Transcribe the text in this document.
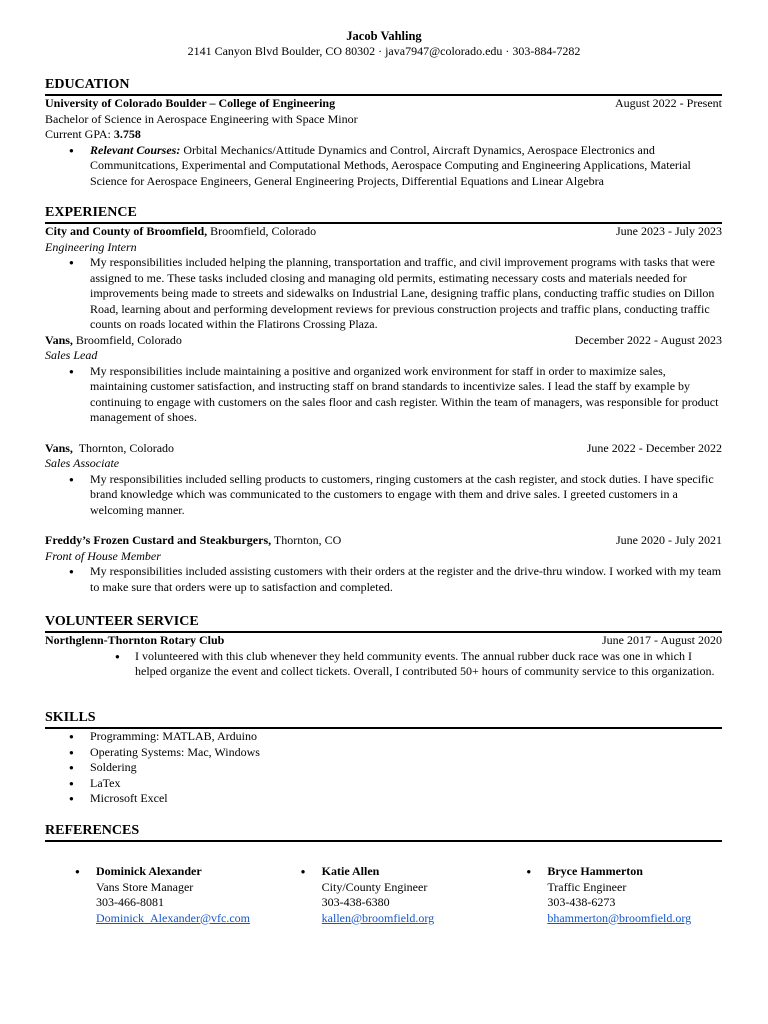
Jacob Vahling
2141 Canyon Blvd Boulder, CO 80302 · java7947@colorado.edu · 303-884-7282
EDUCATION
University of Colorado Boulder – College of Engineering	August 2022 - Present
Bachelor of Science in Aerospace Engineering with Space Minor
Current GPA: 3.758
● Relevant Courses: Orbital Mechanics/Attitude Dynamics and Control, Aircraft Dynamics, Aerospace Electronics and Communitcations, Experimental and Computational Methods, Aerospace Computing and Engineering Applications, Material Science for Aerospace Engineers, General Engineering Projects, Differential Equations and Linear Algebra
EXPERIENCE
City and County of Broomfield, Broomfield, Colorado	June 2023 - July 2023
Engineering Intern
● My responsibilities included helping the planning, transportation and traffic, and civil improvement programs with tasks that were assigned to me. These tasks included closing and managing old permits, estimating necessary costs and materials needed for improvements being made to streets and sidewalks on Industrial Lane, designing traffic plans, conducting traffic studies on Dillon Road, learning about and performing development reviews for previous construction projects and traffic plans, conducting traffic counts on roads located within the Flatirons Crossing Plaza.
Vans, Broomfield, Colorado	December 2022 - August 2023
Sales Lead
● My responsibilities include maintaining a positive and organized work environment for staff in order to maximize sales, maintaining customer satisfaction, and instructing staff on brand standards to incentivize sales. I lead the staff by example by continuing to engage with customers on the sales floor and cash register. Within the team of managers, was responsible for product management of shoes.
Vans,  Thornton, Colorado	June 2022 - December 2022
Sales Associate
● My responsibilities included selling products to customers, ringing customers at the cash register, and stock duties. I have specific brand knowledge which was communicated to the customers to engage with them and drive sales. I greeted customers in a welcoming manner.
Freddy’s Frozen Custard and Steakburgers, Thornton, CO	June 2020 - July 2021
Front of House Member
● My responsibilities included assisting customers with their orders at the register and the drive-thru window. I worked with my team to make sure that orders were up to satisfaction and completed.
VOLUNTEER SERVICE
Northglenn-Thornton Rotary Club	June 2017 - August 2020
● I volunteered with this club whenever they held community events. The annual rubber duck race was one in which I helped organize the event and collect tickets. Overall, I contributed 50+ hours of community service to this organization.
SKILLS
● Programming: MATLAB, Arduino
● Operating Systems: Mac, Windows
● Soldering
● LaTex
● Microsoft Excel
REFERENCES
● Dominick Alexander
Vans Store Manager
303-466-8081
Dominick_Alexander@vfc.com
● Katie Allen
City/County Engineer
303-438-6380
kallen@broomfield.org
● Bryce Hammerton
Traffic Engineer
303-438-6273
bhammerton@broomfield.org
